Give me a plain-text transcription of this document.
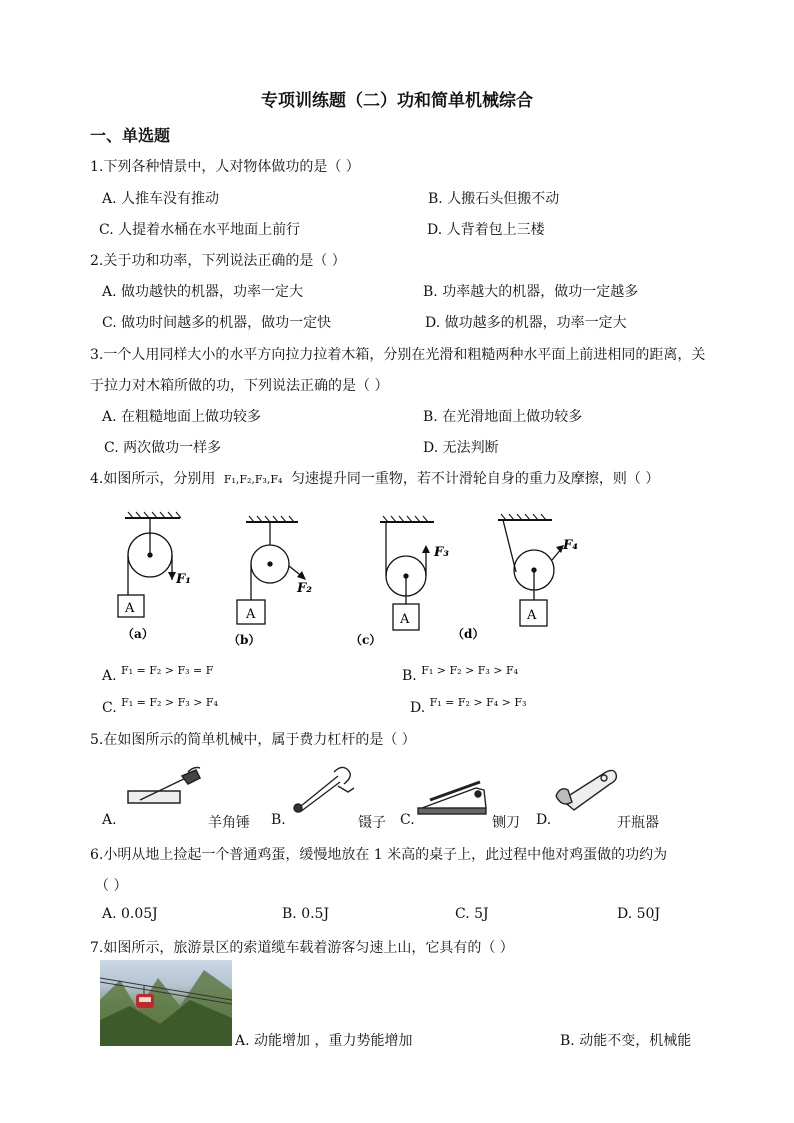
专项训练题（二）功和简单机械综合
一、单选题
1.下列各种情景中，人对物体做功的是（ ）
A. 人推车没有推动	B. 人搬石头但搬不动
C. 人提着水桶在水平地面上前行	D. 人背着包上三楼
2.关于功和功率，下列说法正确的是（ ）
A. 做功越快的机器，功率一定大	B. 功率越大的机器，做功一定越多
C. 做功时间越多的机器，做功一定快	D. 做功越多的机器，功率一定大
3.一个人用同样大小的水平方向拉力拉着木箱，分别在光滑和粗糙两种水平面上前进相同的距离，关
于拉力对木箱所做的功，下列说法正确的是（ ）
A. 在粗糙地面上做功较多	B. 在光滑地面上做功较多
C. 两次做功一样多	D. 无法判断
4.如图所示，分别用 F₁,F₂,F₃,F₄ 匀速提升同一重物，若不计滑轮自身的重力及摩擦，则（ ）
F₁
F₂
F₃	F₄
A	A	A	A
（a）	（b）	（c）	（d）
A. $^{F_1 = F_2 > F_3 = F}$	B. $^{F_1 > F_2 > F_3 > F_4}$
C. $^{F_1 = F_2 > F_3 > F_4}$	D. $^{F_1 = F_2 > F_4 > F_3}$
5.在如图所示的简单机械中，属于费力杠杆的是（ ）
A.	羊角锤 B.	镊子 C.	铡刀 D.	开瓶器
6.小明从地上捡起一个普通鸡蛋，缓慢地放在 1 米高的桌子上，此过程中他对鸡蛋做的功约为
（ ）
A. 0.05J	B. 0.5J	C. 5J	D. 50J
7.如图所示，旅游景区的索道缆车载着游客匀速上山，它具有的（ ）
A. 动能增加 ，重力势能增加	B. 动能不变，机械能
